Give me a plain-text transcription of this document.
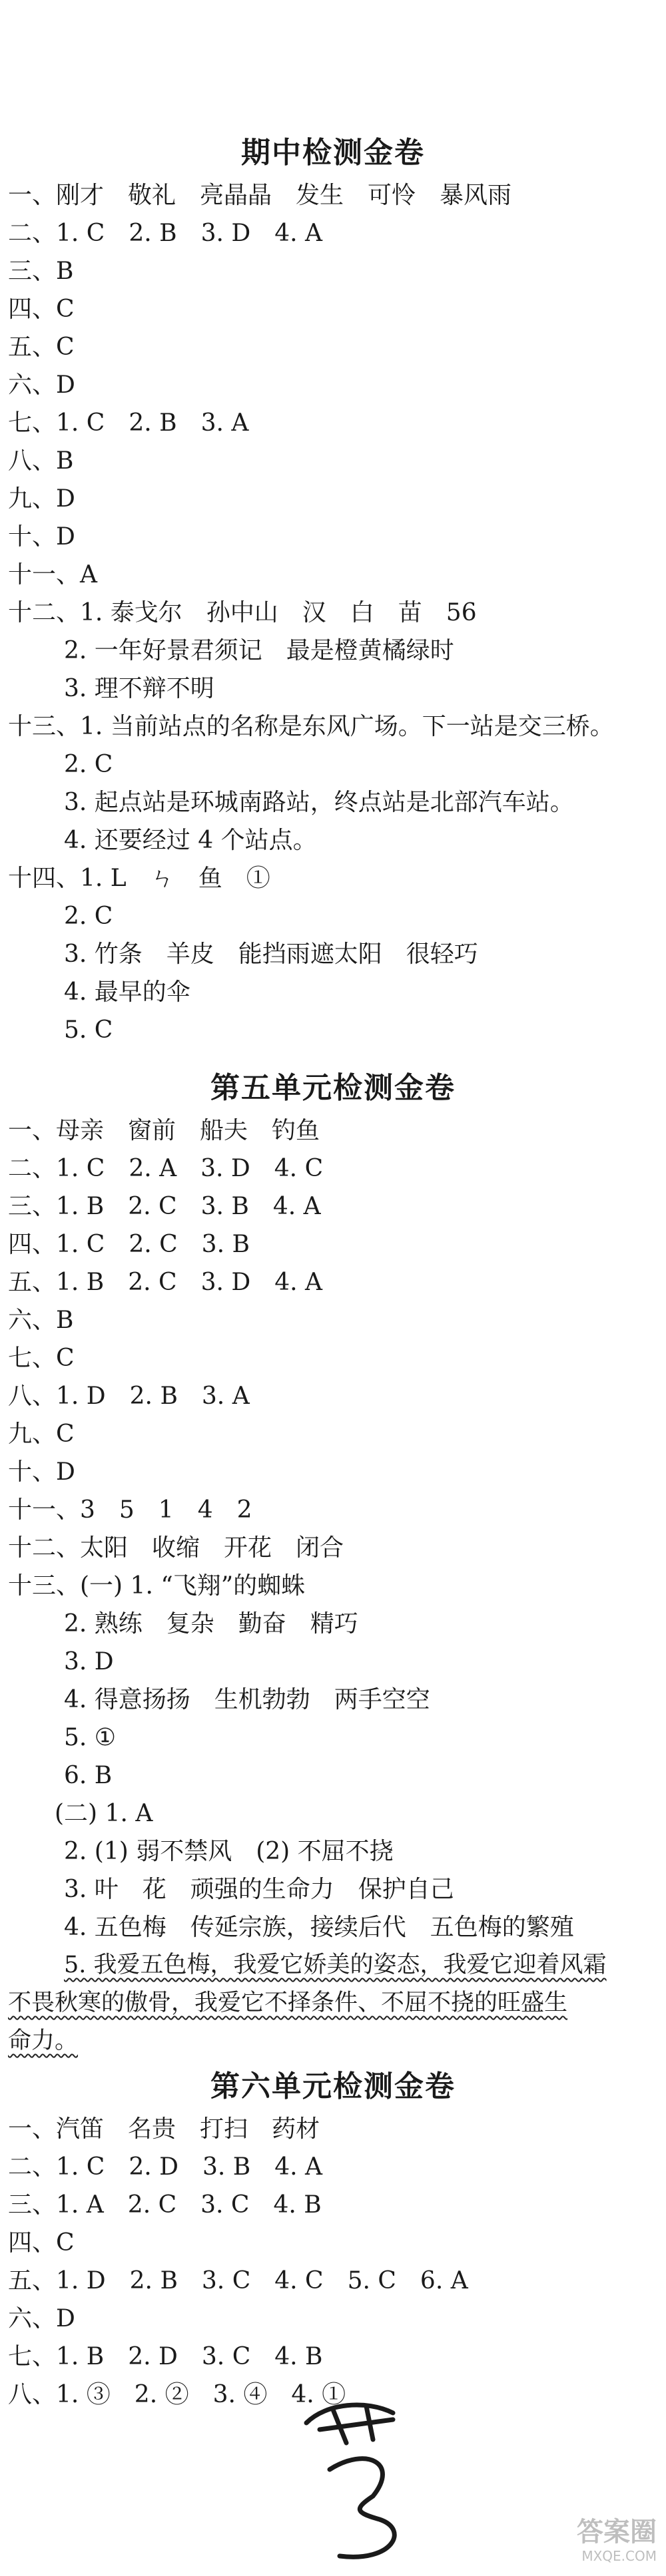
期中检测金卷
一、刚才　敬礼　亮晶晶　发生　可怜　暴风雨
二、1. C　2. B　3. D　4. A
三、B
四、C
五、C
六、D
七、1. C　2. B　3. A
八、B
九、D
十、D
十一、A
十二、1. 泰戈尔　孙中山　汉　白　苗　56
2. 一年好景君须记　最是橙黄橘绿时
3. 理不辩不明
十三、1. 当前站点的名称是东风广场。下一站是交三桥。
2. C
3. 起点站是环城南路站，终点站是北部汽车站。
4. 还要经过 4 个站点。
十四、1. L　ㄣ　鱼　①
2. C
3. 竹条　羊皮　能挡雨遮太阳　很轻巧
4. 最早的伞
5. C
第五单元检测金卷
一、母亲　窗前　船夫　钓鱼
二、1. C　2. A　3. D　4. C
三、1. B　2. C　3. B　4. A
四、1. C　2. C　3. B
五、1. B　2. C　3. D　4. A
六、B
七、C
八、1. D　2. B　3. A
九、C
十、D
十一、3　5　1　4　2
十二、太阳　收缩　开花　闭合
十三、(一) 1. “飞翔”的蜘蛛
2. 熟练　复杂　勤奋　精巧
3. D
4. 得意扬扬　生机勃勃　两手空空
5. ①
6. B
(二) 1. A
2. (1) 弱不禁风　(2) 不屈不挠
3. 叶　花　顽强的生命力　保护自己
4. 五色梅　传延宗族，接续后代　五色梅的繁殖
5. 我爱五色梅，我爱它娇美的姿态，我爱它迎着风霜
不畏秋寒的傲骨，我爱它不择条件、不屈不挠的旺盛生
命力。
第六单元检测金卷
一、汽笛　名贵　打扫　药材
二、1. C　2. D　3. B　4. A
三、1. A　2. C　3. C　4. B
四、C
五、1. D　2. B　3. C　4. C　5. C　6. A
六、D
七、1. B　2. D　3. C　4. B
八、1. ③　2. ②　3. ④　4. ①
答案圈
MXQE.COM
